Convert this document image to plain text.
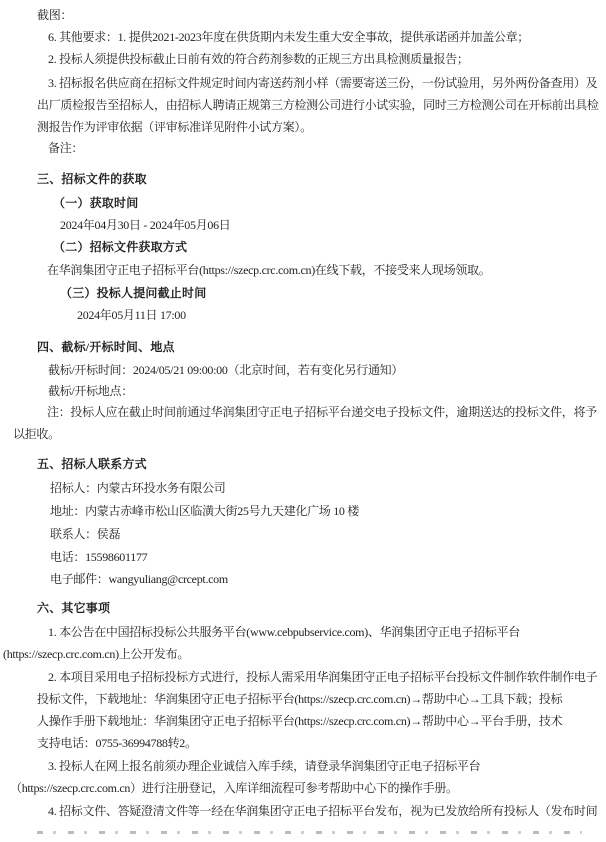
截图：
6. 其他要求：1. 提供2021-2023年度在供货期内未发生重大安全事故，提供承诺函并加盖公章；
2. 投标人须提供投标截止日前有效的符合药剂参数的正规三方出具检测质量报告；
3. 招标报名供应商在招标文件规定时间内寄送药剂小样（需要寄送三份，一份试验用，另外两份备查用）及
出厂质检报告至招标人，由招标人聘请正规第三方检测公司进行小试实验，同时三方检测公司在开标前出具检
测报告作为评审依据（评审标准详见附件小试方案）。
备注：
三、招标文件的获取
（一）获取时间
2024年04月30日 - 2024年05月06日
（二）招标文件获取方式
在华润集团守正电子招标平台(https://szecp.crc.com.cn)在线下载，不接受来人现场领取。
（三）投标人提问截止时间
2024年05月11日 17:00
四、截标/开标时间、地点
截标/开标时间：2024/05/21 09:00:00（北京时间，若有变化另行通知）
截标/开标地点：
注：投标人应在截止时间前通过华润集团守正电子招标平台递交电子投标文件，逾期送达的投标文件，将予
以拒收。
五、招标人联系方式
招标人：内蒙古环投水务有限公司
地址：内蒙古赤峰市松山区临潢大街25号九天建化广场 10 楼
联系人：侯磊
电话：15598601177
电子邮件：wangyuliang@crcept.com
六、其它事项
1. 本公告在中国招标投标公共服务平台(www.cebpubservice.com)、华润集团守正电子招标平台
(https://szecp.crc.com.cn)上公开发布。
2. 本项目采用电子招标投标方式进行，投标人需采用华润集团守正电子招标平台投标文件制作软件制作电子
投标文件，下载地址：华润集团守正电子招标平台(https://szecp.crc.com.cn)→帮助中心→工具下载；投标
人操作手册下载地址：华润集团守正电子招标平台(https://szecp.crc.com.cn)→帮助中心→平台手册，技术
支持电话：0755-36994788转2。
3. 投标人在网上报名前须办理企业诚信入库手续，请登录华润集团守正电子招标平台
（https://szecp.crc.com.cn）进行注册登记，入库详细流程可参考帮助中心下的操作手册。
4. 招标文件、答疑澄清文件等一经在华润集团守正电子招标平台发布，视为已发放给所有投标人（发布时间
